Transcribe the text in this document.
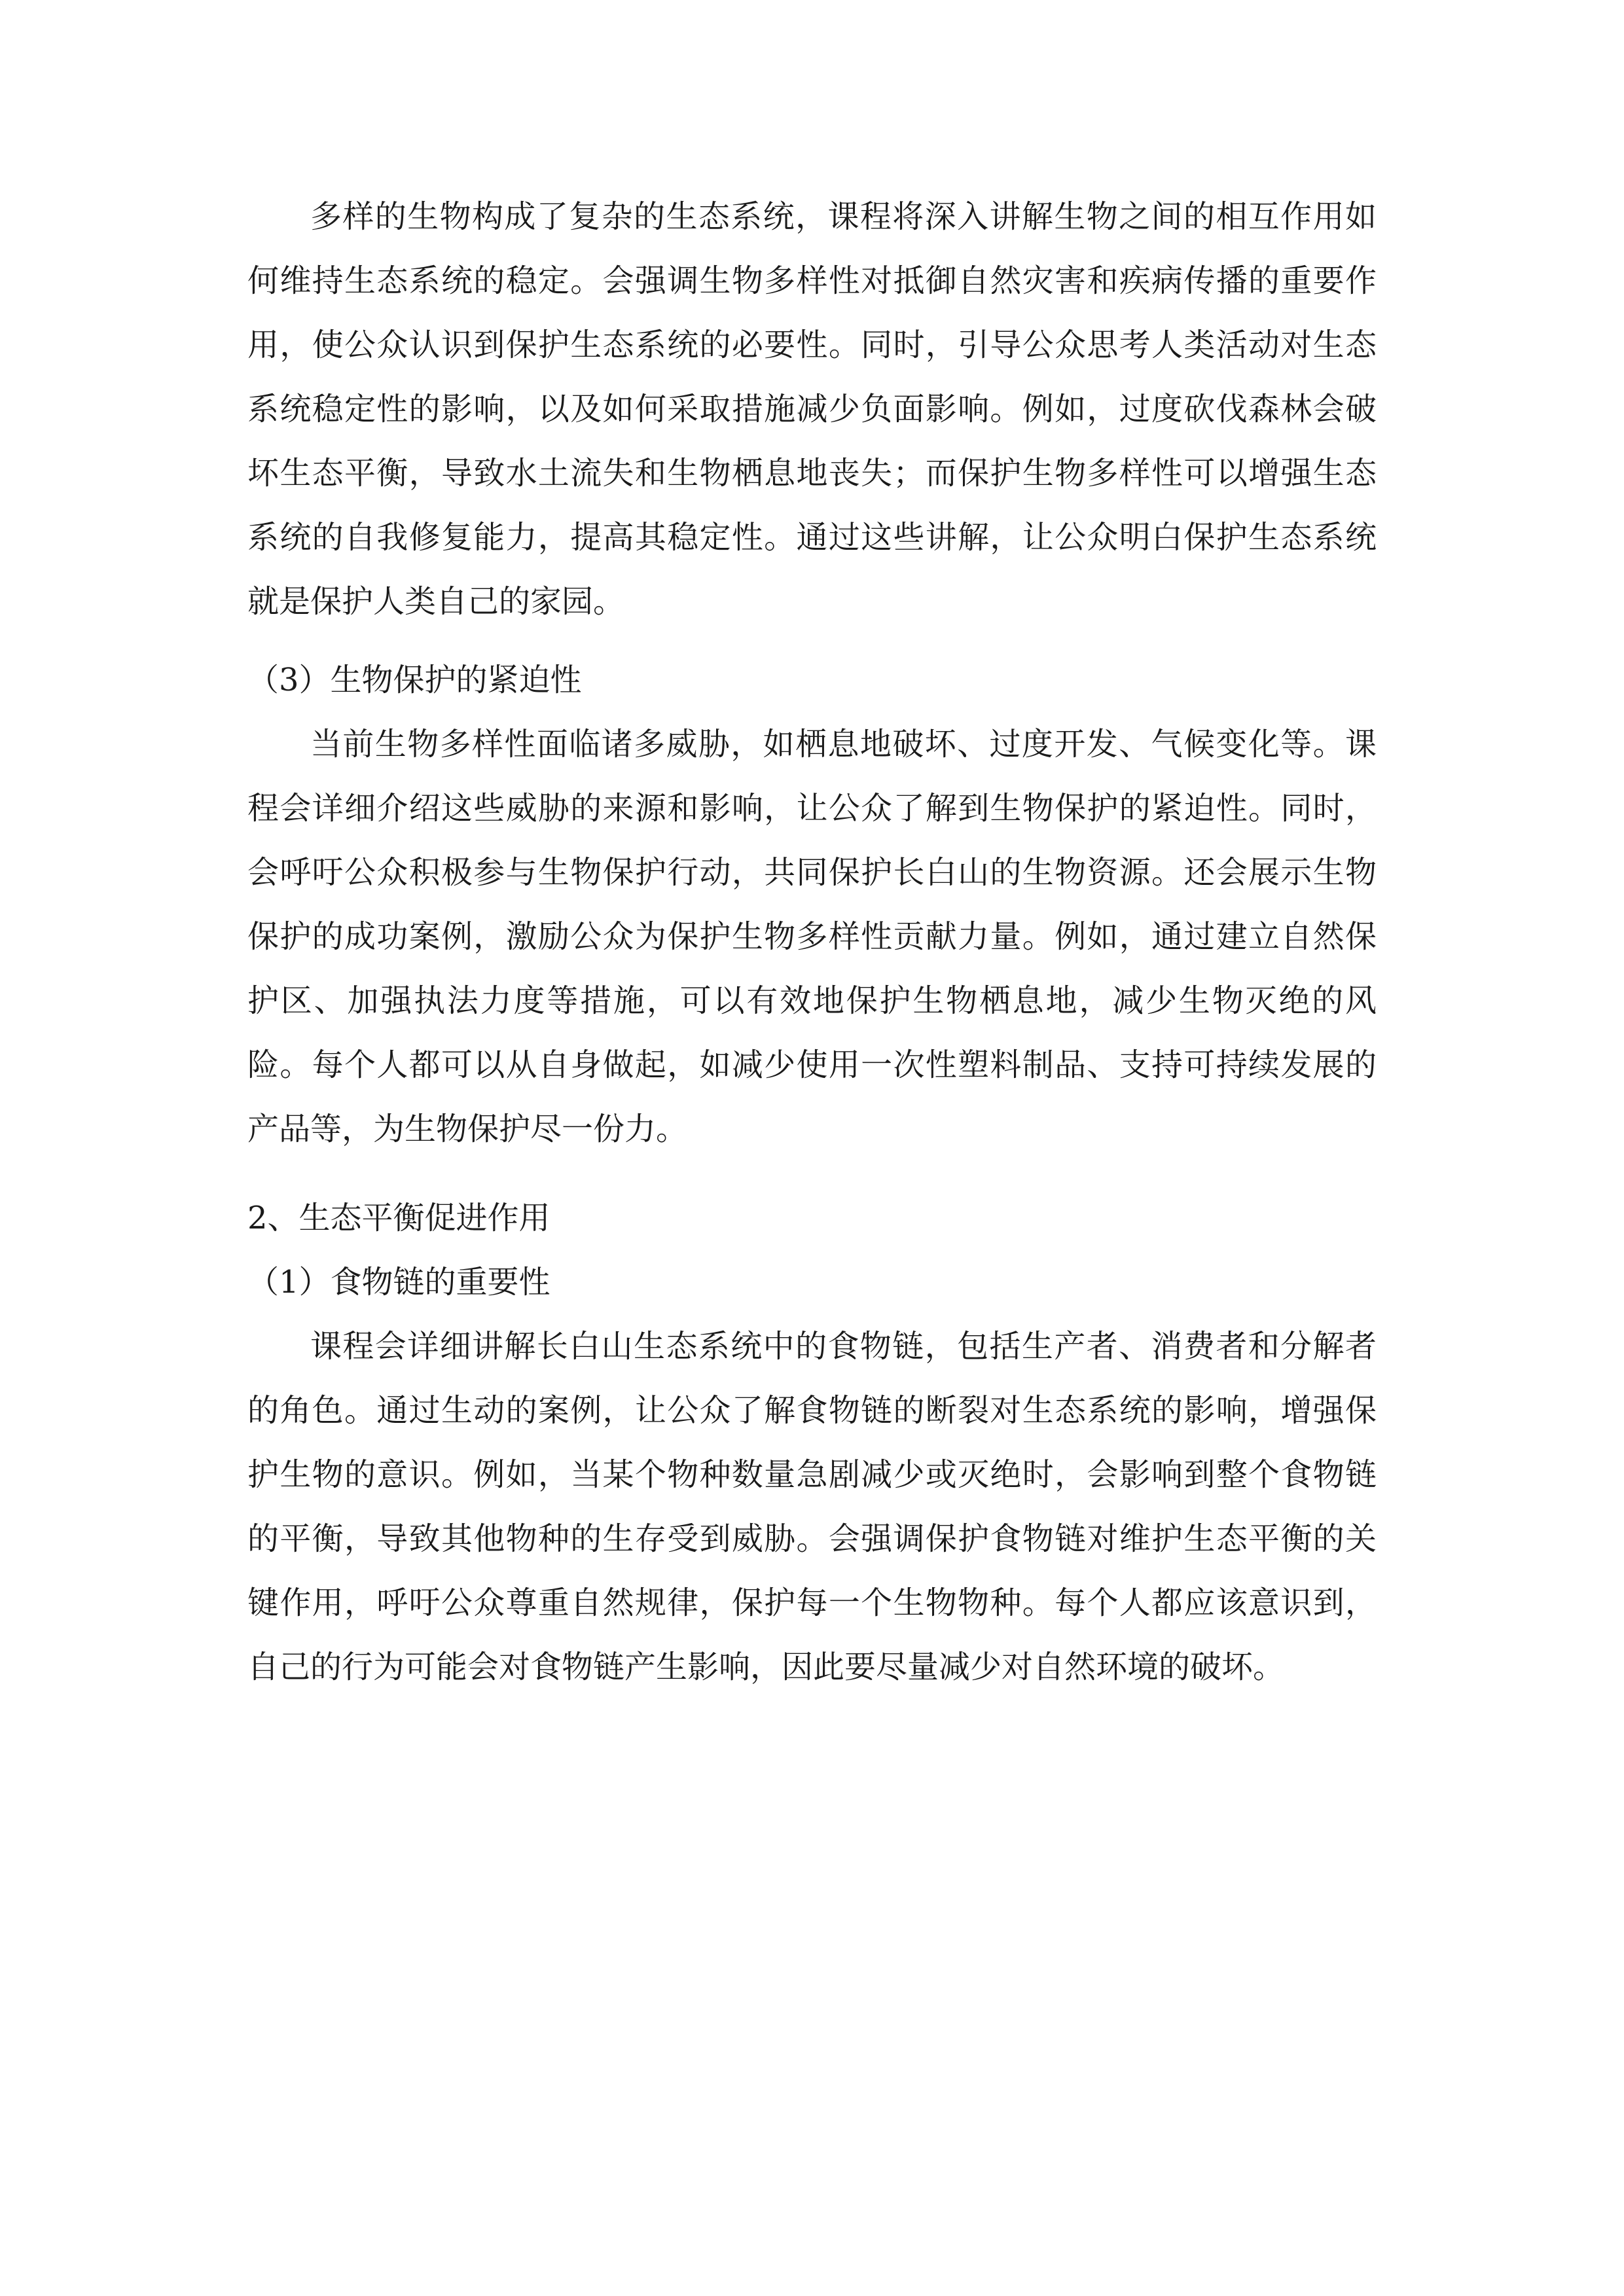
多样的生物构成了复杂的生态系统，课程将深入讲解生物之间的相互作用如何维持生态系统的稳定。会强调生物多样性对抵御自然灾害和疾病传播的重要作用，使公众认识到保护生态系统的必要性。同时，引导公众思考人类活动对生态系统稳定性的影响，以及如何采取措施减少负面影响。例如，过度砍伐森林会破坏生态平衡，导致水土流失和生物栖息地丧失；而保护生物多样性可以增强生态系统的自我修复能力，提高其稳定性。通过这些讲解，让公众明白保护生态系统就是保护人类自己的家园。

（3）生物保护的紧迫性

当前生物多样性面临诸多威胁，如栖息地破坏、过度开发、气候变化等。课程会详细介绍这些威胁的来源和影响，让公众了解到生物保护的紧迫性。同时，会呼吁公众积极参与生物保护行动，共同保护长白山的生物资源。还会展示生物保护的成功案例，激励公众为保护生物多样性贡献力量。例如，通过建立自然保护区、加强执法力度等措施，可以有效地保护生物栖息地，减少生物灭绝的风险。每个人都可以从自身做起，如减少使用一次性塑料制品、支持可持续发展的产品等，为生物保护尽一份力。

2、生态平衡促进作用

（1）食物链的重要性

课程会详细讲解长白山生态系统中的食物链，包括生产者、消费者和分解者的角色。通过生动的案例，让公众了解食物链的断裂对生态系统的影响，增强保护生物的意识。例如，当某个物种数量急剧减少或灭绝时，会影响到整个食物链的平衡，导致其他物种的生存受到威胁。会强调保护食物链对维护生态平衡的关键作用，呼吁公众尊重自然规律，保护每一个生物物种。每个人都应该意识到，自己的行为可能会对食物链产生影响，因此要尽量减少对自然环境的破坏。
